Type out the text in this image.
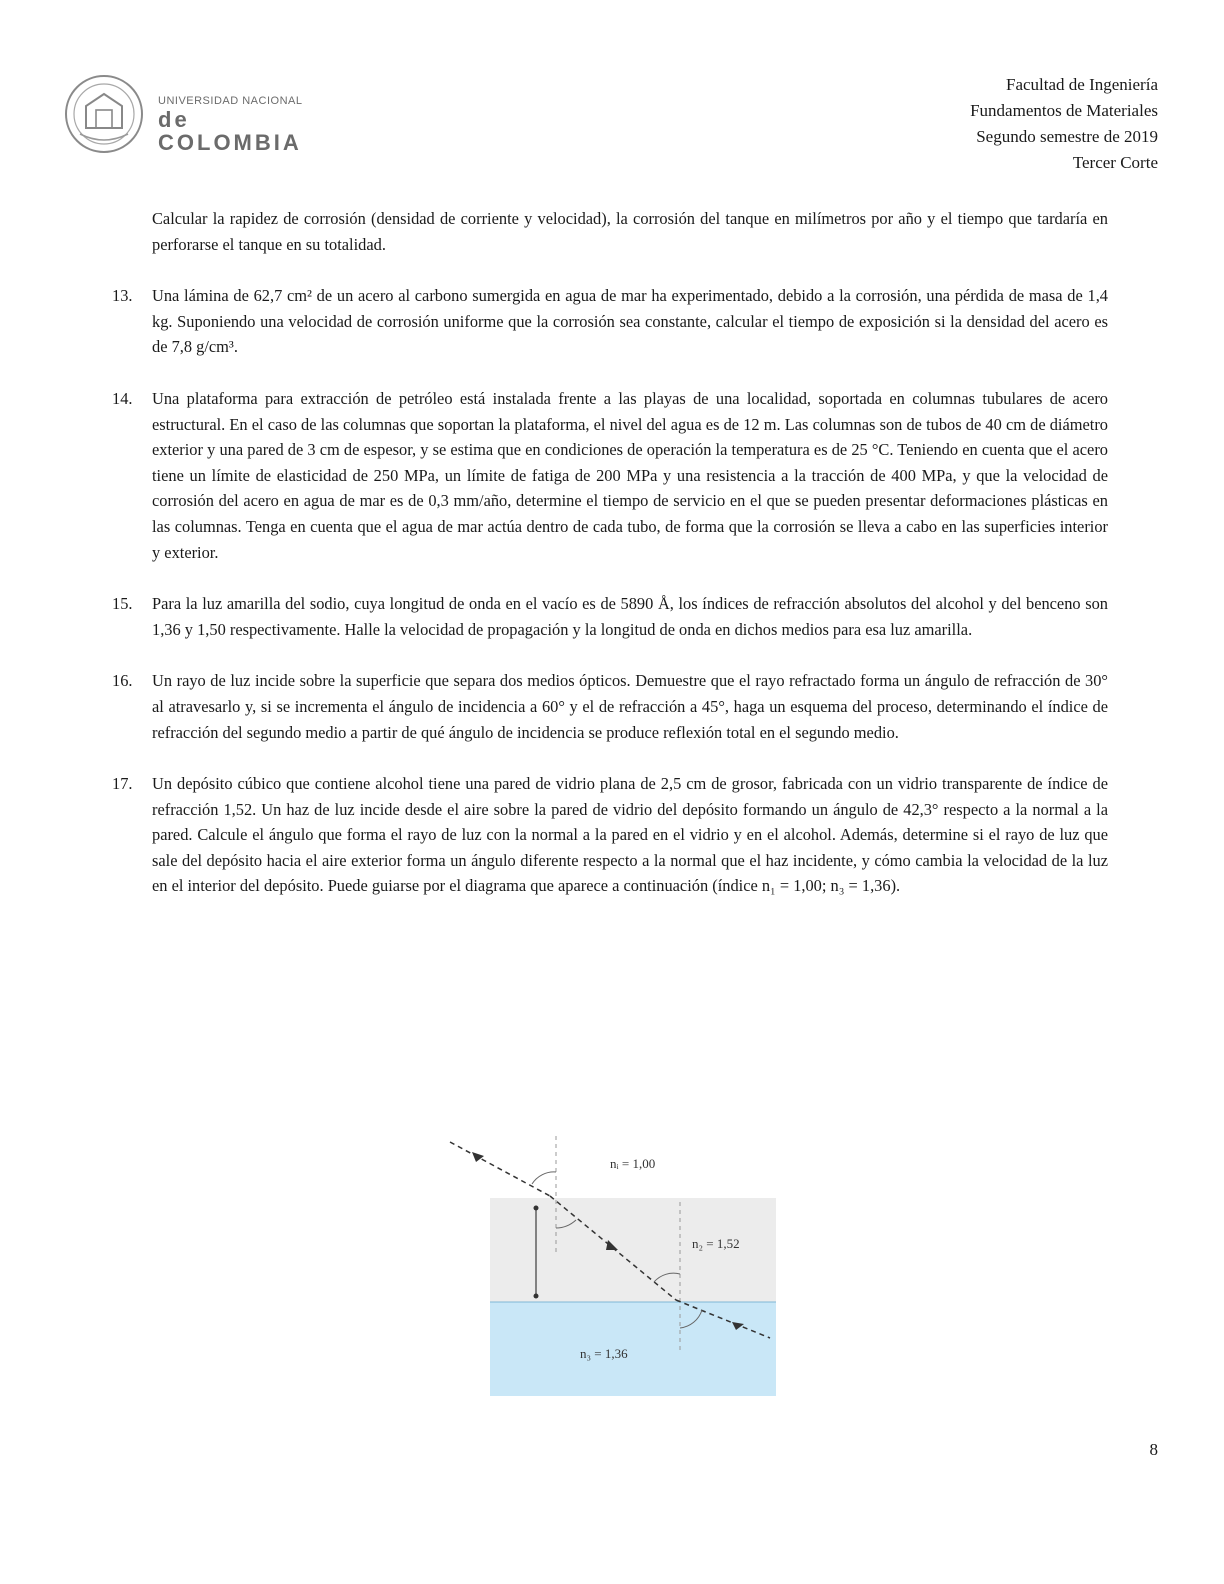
UNIVERSIDAD NACIONAL
de COLOMBIA
Facultad de Ingeniería
Fundamentos de Materiales
Segundo semestre de 2019
Tercer Corte

Calcular la rapidez de corrosión (densidad de corriente y velocidad), la corrosión del tanque en milímetros por año y el tiempo que tardaría en perforarse el tanque en su totalidad.

13. Una lámina de 62,7 cm² de un acero al carbono sumergida en agua de mar ha experimentado, debido a la corrosión, una pérdida de masa de 1,4 kg. Suponiendo una velocidad de corrosión uniforme que la corrosión sea constante, calcular el tiempo de exposición si la densidad del acero es de 7,8 g/cm³.

14. Una plataforma para extracción de petróleo está instalada frente a las playas de una localidad, soportada en columnas tubulares de acero estructural. En el caso de las columnas que soportan la plataforma, el nivel del agua es de 12 m. Las columnas son de tubos de 40 cm de diámetro exterior y una pared de 3 cm de espesor, y se estima que en condiciones de operación la temperatura es de 25 °C. Teniendo en cuenta que el acero tiene un límite de elasticidad de 250 MPa, un límite de fatiga de 200 MPa y una resistencia a la tracción de 400 MPa, y que la velocidad de corrosión del acero en agua de mar es de 0,3 mm/año, determine el tiempo de servicio en el que se pueden presentar deformaciones plásticas en las columnas. Tenga en cuenta que el agua de mar actúa dentro de cada tubo, de forma que la corrosión se lleva a cabo en las superficies interior y exterior.

15. Para la luz amarilla del sodio, cuya longitud de onda en el vacío es de 5890 Å, los índices de refracción absolutos del alcohol y del benceno son 1,36 y 1,50 respectivamente. Halle la velocidad de propagación y la longitud de onda en dichos medios para esa luz amarilla.

16. Un rayo de luz incide sobre la superficie que separa dos medios ópticos. Demuestre que el rayo refractado forma un ángulo de refracción de 30° al atravesarlo y, si se incrementa el ángulo de incidencia a 60° y el de refracción a 45°, haga un esquema del proceso, determinando el índice de refracción del segundo medio a partir de qué ángulo de incidencia se produce reflexión total en el segundo medio.

17. Un depósito cúbico que contiene alcohol tiene una pared de vidrio plana de 2,5 cm de grosor, fabricada con un vidrio transparente de índice de refracción 1,52. Un haz de luz incide desde el aire sobre la pared de vidrio del depósito formando un ángulo de 42,3° respecto a la normal a la pared. Calcule el ángulo que forma el rayo de luz con la normal a la pared en el vidrio y en el alcohol. Además, determine si el rayo de luz que sale del depósito hacia el aire exterior forma un ángulo diferente respecto a la normal que el haz incidente, y cómo cambia la velocidad de la luz en el interior del depósito. Puede guiarse por el diagrama que aparece a continuación (índice n₁ = 1,00; n₃ = 1,36).

nᵢ = 1,00
n₂ = 1,52
n₃ = 1,36
8
